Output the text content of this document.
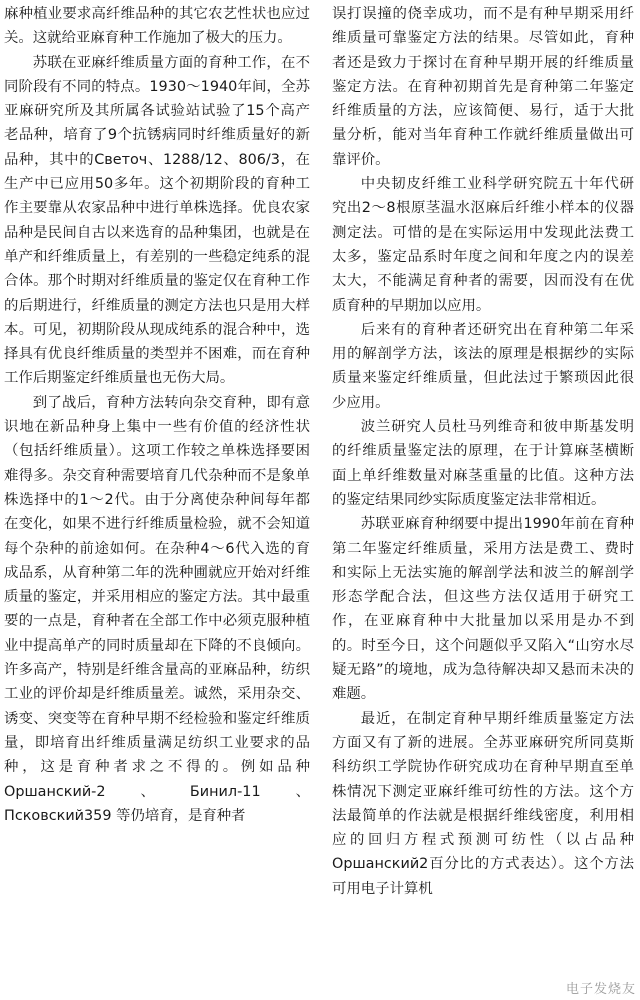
麻种植业要求高纤维品种的其它农艺性状也应过关。这就给亚麻育种工作施加了极大的压力。

苏联在亚麻纤维质量方面的育种工作，在不同阶段有不同的特点。1930～1940年间，全苏亚麻研究所及其所属各试验站试验了15个高产老品种，培育了9个抗锈病同时纤维质量好的新品种，其中的Светоч、1288/12、806/3，在生产中已应用50多年。这个初期阶段的育种工作主要靠从农家品种中进行单株选择。优良农家品种是民间自古以来选育的品种集团，也就是在单产和纤维质量上，有差别的一些稳定纯系的混合体。那个时期对纤维质量的鉴定仅在育种工作的后期进行，纤维质量的测定方法也只是用大样本。可见，初期阶段从现成纯系的混合种中，选择具有优良纤维质量的类型并不困难，而在育种工作后期鉴定纤维质量也无伤大局。

到了战后，育种方法转向杂交育种，即有意识地在新品种身上集中一些有价值的经济性状（包括纤维质量）。这项工作较之单株选择要困难得多。杂交育种需要培育几代杂种而不是象单株选择中的1～2代。由于分离使杂种间每年都在变化，如果不进行纤维质量检验，就不会知道每个杂种的前途如何。在杂种4～6代入选的育成品系，从育种第二年的洗种圃就应开始对纤维质量的鉴定，并采用相应的鉴定方法。其中最重要的一点是，育种者在全部工作中必须克服种植业中提高单产的同时质量却在下降的不良倾向。许多高产，特别是纤维含量高的亚麻品种，纺织工业的评价却是纤维质量差。诚然，采用杂交、诱变、突变等在育种早期不经检验和鉴定纤维质量，即培育出纤维质量满足纺织工业要求的品种，这是育种者求之不得的。例如品种 Оршанский-2、Бинил-11、Псковский359 等仍培育，是育种者

误打误撞的侥幸成功，而不是有种早期采用纤维质量可靠鉴定方法的结果。尽管如此，育种者还是致力于探讨在育种早期开展的纤维质量鉴定方法。在育种初期首先是育种第二年鉴定纤维质量的方法，应该简便、易行，适于大批量分析，能对当年育种工作就纤维质量做出可靠评价。

中央韧皮纤维工业科学研究院五十年代研究出2～8根原茎温水沤麻后纤维小样本的仪器测定法。可惜的是在实际运用中发现此法费工太多，鉴定品系时年度之间和年度之内的误差太大，不能满足育种者的需要，因而没有在优质育种的早期加以应用。

后来有的育种者还研究出在育种第二年采用的解剖学方法，该法的原理是根据纱的实际质量来鉴定纤维质量，但此法过于繁琐因此很少应用。

波兰研究人员杜马列维奇和彼申斯基发明的纤维质量鉴定法的原理，在于计算麻茎横断面上单纤维数量对麻茎重量的比值。这种方法的鉴定结果同纱实际质度鉴定法非常相近。

苏联亚麻育种纲要中提出1990年前在育种第二年鉴定纤维质量，采用方法是费工、费时和实际上无法实施的解剖学法和波兰的解剖学形态学配合法，但这些方法仅适用于研究工作，在亚麻育种中大批量加以采用是办不到的。时至今日，这个问题似乎又陷入“山穷水尽疑无路”的境地，成为急待解决却又悬而未决的难题。

最近，在制定育种早期纤维质量鉴定方法方面又有了新的进展。全苏亚麻研究所同莫斯科纺织工学院协作研究成功在育种早期直至单株情况下测定亚麻纤维可纺性的方法。这个方法最简单的作法就是根据纤维线密度，利用相应的回归方程式预测可纺性（以占品种Оршанский2百分比的方式表达）。这个方法可用电子计算机

电子发烧友
